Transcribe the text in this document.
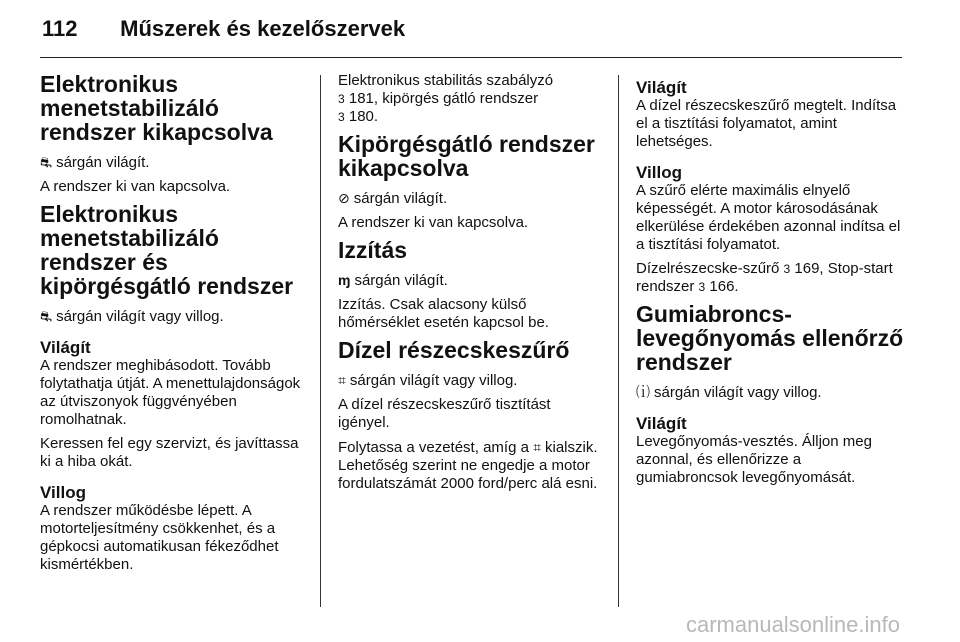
112 Műszerek és kezelőszervek
Elektronikus menetstabilizáló rendszer kikapcsolva

⛐ sárgán világít.

A rendszer ki van kapcsolva.

Elektronikus menetstabilizáló rendszer és kipörgésgátló rendszer

⛐ sárgán világít vagy villog.

Világít

A rendszer meghibásodott. Tovább folytathatja útját. A menettulajdonságok az útviszonyok függvényében romolhatnak.

Keressen fel egy szervizt, és javíttassa ki a hiba okát.

Villog

A rendszer működésbe lépett. A motorteljesítmény csökkenhet, és a gépkocsi automatikusan fékeződhet kismértékben.

Elektronikus stabilitás szabályzó
3 181, kipörgés gátló rendszer
3 180.

Kipörgésgátló rendszer kikapcsolva

⊘ sárgán világít.

A rendszer ki van kapcsolva.

Izzítás

ɱ sárgán világít.

Izzítás. Csak alacsony külső hőmérséklet esetén kapcsol be.

Dízel részecskeszűrő

⌗ sárgán világít vagy villog.

A dízel részecskeszűrő tisztítást igényel.

Folytassa a vezetést, amíg a ⌗ kialszik. Lehetőség szerint ne engedje a motor fordulatszámát 2000 ford/perc alá esni.

Világít

A dízel részecskeszűrő megtelt. Indítsa el a tisztítási folyamatot, amint lehetséges.

Villog

A szűrő elérte maximális elnyelő képességét. A motor károsodásának elkerülése érdekében azonnal indítsa el a tisztítási folyamatot.

Dízelrészecske-szűrő 3 169, Stop-start rendszer 3 166.

Gumiabroncs-levegőnyomás ellenőrző rendszer

⒤ sárgán világít vagy villog.

Világít

Levegőnyomás-vesztés. Álljon meg azonnal, és ellenőrizze a gumiabroncsok levegőnyomását.

carmanualsonline.info
